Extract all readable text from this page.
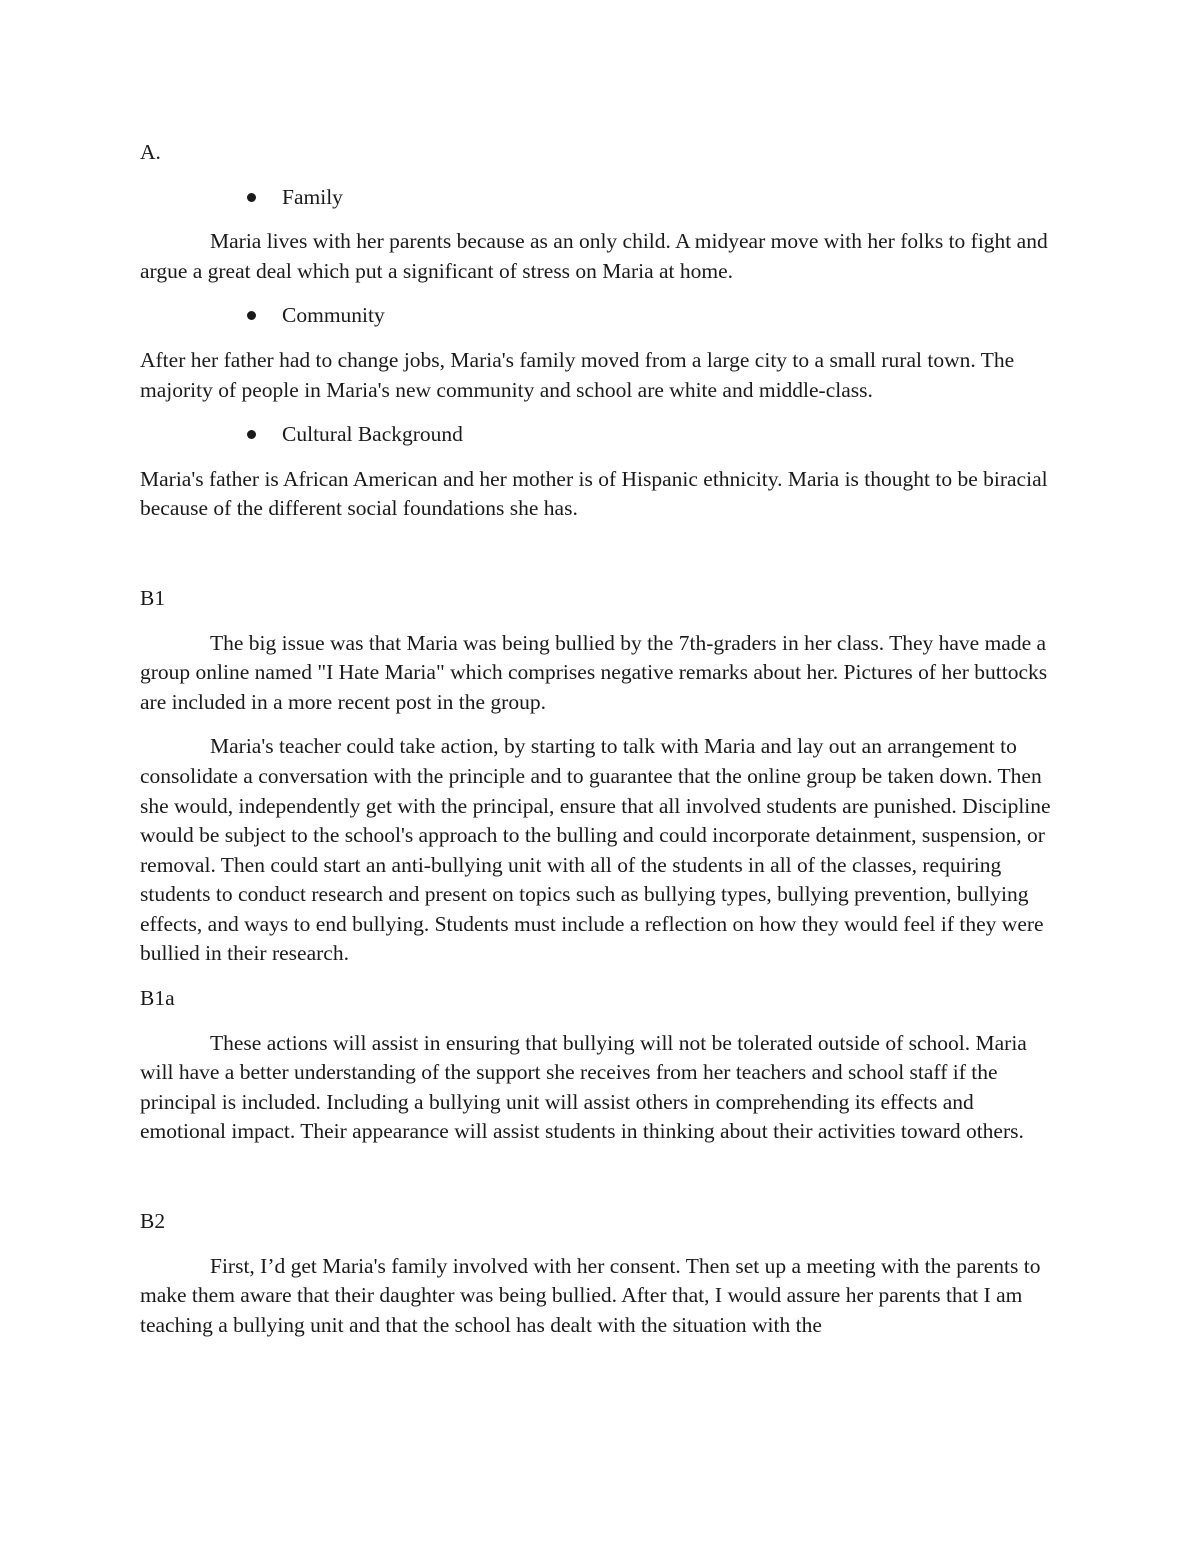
A.

Family

Maria lives with her parents because as an only child. A midyear move with her folks to fight and argue a great deal which put a significant of stress on Maria at home.

Community

After her father had to change jobs, Maria's family moved from a large city to a small rural town. The majority of people in Maria's new community and school are white and middle-class.

Cultural Background

Maria's father is African American and her mother is of Hispanic ethnicity. Maria is thought to be biracial because of the different social foundations she has.

B1

The big issue was that Maria was being bullied by the 7th-graders in her class. They have made a group online named "I Hate Maria" which comprises negative remarks about her. Pictures of her buttocks are included in a more recent post in the group.

Maria's teacher could take action, by starting to talk with Maria and lay out an arrangement to consolidate a conversation with the principle and to guarantee that the online group be taken down. Then she would, independently get with the principal, ensure that all involved students are punished. Discipline would be subject to the school's approach to the bulling and could incorporate detainment, suspension, or removal. Then could start an anti-bullying unit with all of the students in all of the classes, requiring students to conduct research and present on topics such as bullying types, bullying prevention, bullying effects, and ways to end bullying. Students must include a reflection on how they would feel if they were bullied in their research.

B1a

These actions will assist in ensuring that bullying will not be tolerated outside of school. Maria will have a better understanding of the support she receives from her teachers and school staff if the principal is included. Including a bullying unit will assist others in comprehending its effects and emotional impact. Their appearance will assist students in thinking about their activities toward others.

B2

First, I’d get Maria's family involved with her consent. Then set up a meeting with the parents to make them aware that their daughter was being bullied. After that, I would assure her parents that I am teaching a bullying unit and that the school has dealt with the situation with the
